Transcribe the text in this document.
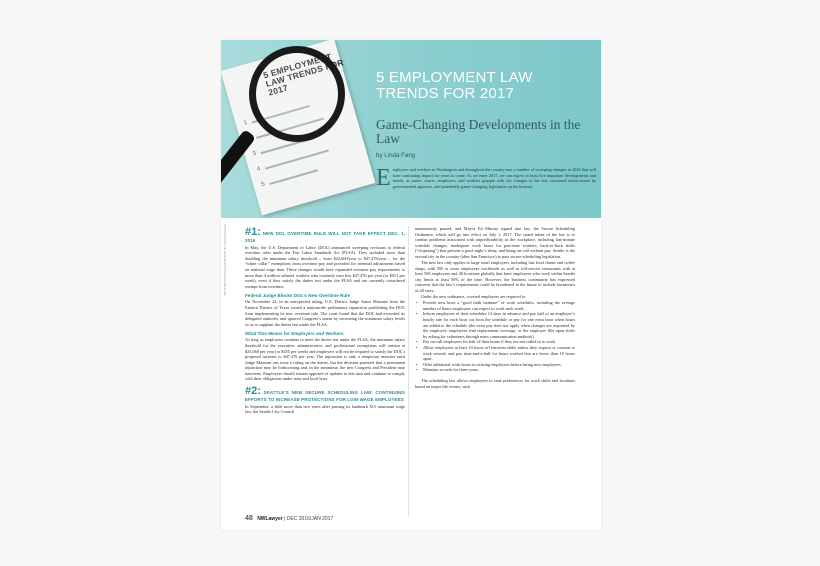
5 EMPLOYMENT LAW TRENDS FOR 2017
1
3
4
5
5 EMPLOYMENT LAW TRENDS FOR 2017
Game-Changing Developments in the Law
by Linda Fang
Employers and workers in Washington and throughout the country saw a number of sweeping changes in 2016 that will have continuing impact for years to come. As we enter 2017, we can expect at least five important developments and trends, as states, courts, employers, and workers grapple with the changes in the law, increased enforcement by governmental agencies, and potentially game-changing legislation on the horizon.
SHUTTERSTOCK/ILLUSTRATION BY ANITA PALUCH #1: NEW DOL OVERTIME RULE WILL NOT TAKE EFFECT DEC. 1, 2016

In May, the U.S. Department of Labor (DOL) announced sweeping revisions to federal overtime rules under the Fair Labor Standards Act (FLSA). They included more than doubling the minimum salary threshold – from $23,660/year to $47,476/year – for the “white collar” exemptions from overtime pay and provided for triennial adjustments based on national wage data. These changes would have expanded overtime pay requirements to more than 4 million salaried workers who currently earn less $47,476 per year (or $913 per week), even if they satisfy the duties test under the FLSA and are currently considered exempt from overtime.

Federal Judge Blocks DOL’s New Overtime Rule

On November 22, in an unexpected ruling, U.S. District Judge Amos Mazzant from the Eastern District of Texas issued a nationwide preliminary injunction prohibiting the DOL from implementing its new overtime rule. The court found that the DOL had exceeded its delegated authority and ignored Congress’s intent by increasing the minimum salary levels so as to supplant the duties test under the FLSA.

What This Means for Employers and Workers

As long as employees continue to meet the duties test under the FLSA, the minimum salary threshold for the executive, administrative, and professional exemptions will remain at $23,660 per year (or $455 per week) and employers will not be required to satisfy the DOL’s proposed increase to $47,476 per year. The injunction is only a temporary measure until Judge Mazzant can issue a ruling on the merits, but the decision portends that a permanent injunction may be forthcoming and, in the meantime, the new Congress and President may intervene. Employers should remain apprised of updates in this area and continue to comply with their obligations under state and local laws.

#2: SEATTLE’S NEW SECURE SCHEDULING LAW: CONTINUING EFFORTS TO INCREASE PROTECTIONS FOR LOW-WAGE EMPLOYEES

In September, a little more than two years after passing its landmark $15 minimum wage law, the Seattle City Council

unanimously passed, and Mayor Ed Murray signed into law, the Secure Scheduling Ordinance, which will go into effect on July 1, 2017. The stated intent of the law is to combat problems associated with unpredictability in the workplace, including last-minute schedule changes, inadequate work hours for part-time workers, back-to-back shifts (“clopening”) that prevent a good night’s sleep, and being on-call without pay. Seattle is the second city in the country (after San Francisco) to pass secure scheduling legislation.

The new law only applies to large retail employers, including fast food chains and coffee shops, with 500 or more employees worldwide as well as full-service restaurants with at least 500 employees and 40 locations globally that have employees who work within Seattle city limits at least 50% of the time. However, the business community has expressed concerns that the law’s requirements could be broadened in the future to include businesses of all sizes.

Under the new ordinance, covered employers are required to:

• Provide new hires a “good faith estimate” of work schedules, including the average number of hours employees can expect to work each week.
• Inform employees of their schedules 14 days in advance and pay half of an employee’s hourly rate for each hour cut from the schedule or pay for one extra hour when hours are added to the schedule (the extra pay does not apply when changes are requested by the employee, employees find replacement coverage, or the employer fills open shifts by asking for volunteers through mass communication methods).
• Pay on-call employees for half of their hours if they are not called in to work.
• Allow employees at least 10 hours off between shifts unless they request or consent to work several, and pay time-and-a-half for hours worked that are fewer than 10 hours apart.
• Offer additional work hours to existing employees before hiring new employees.
• Maintain records for three years.

The scheduling law allows employees to state preferences for work shifts and locations based on major life events, such

48 NWLawyer | DEC 2016/JAN 2017
